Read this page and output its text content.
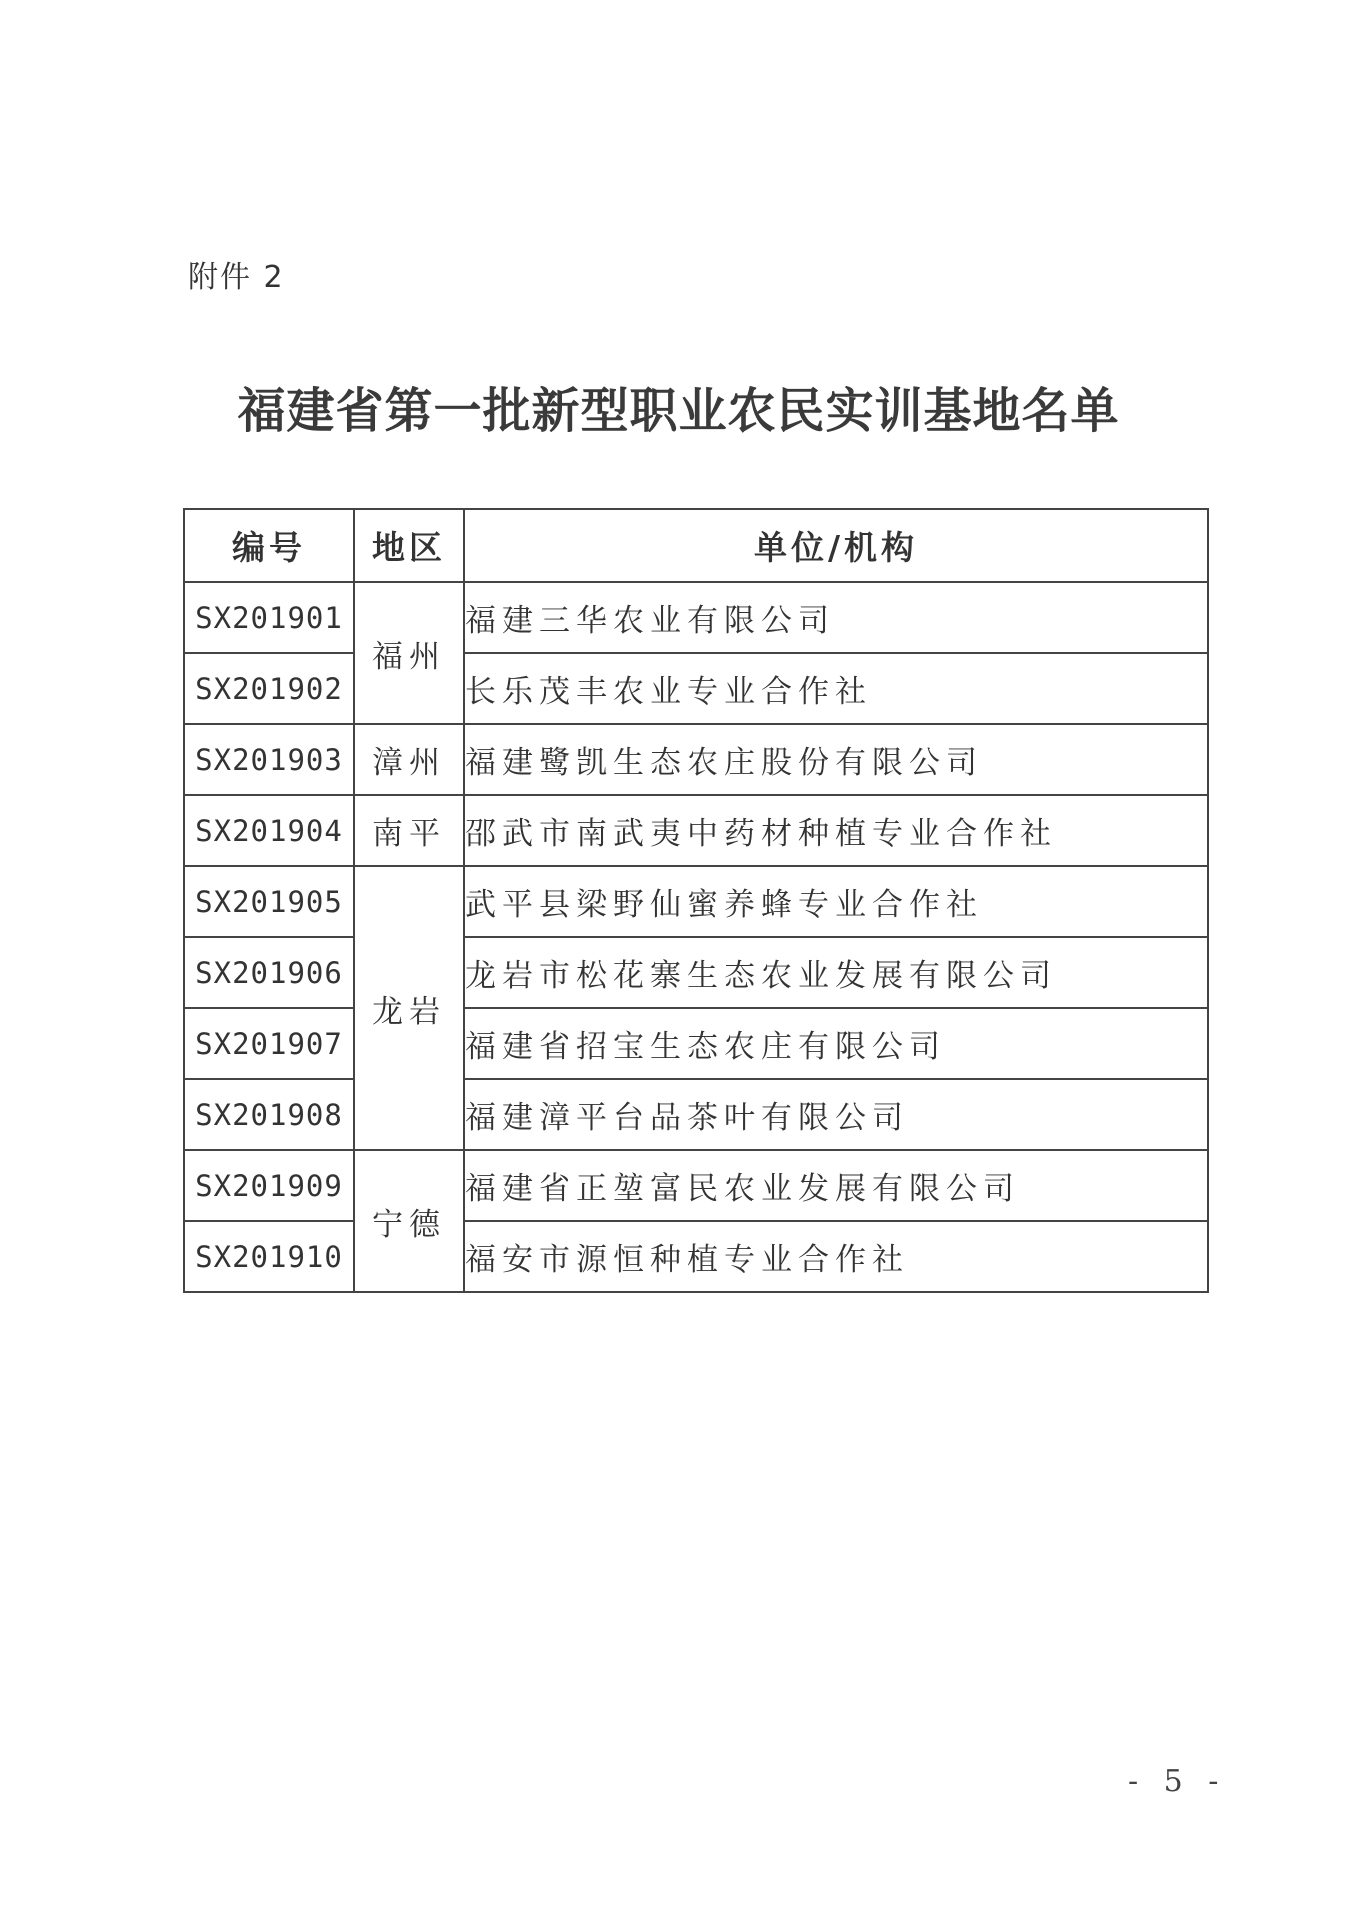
附件 2
福建省第一批新型职业农民实训基地名单
编号	地区	单位/机构
SX201901	福州	福建三华农业有限公司
SX201902		长乐茂丰农业专业合作社
SX201903	漳州	福建鹭凯生态农庄股份有限公司
SX201904	南平	邵武市南武夷中药材种植专业合作社
SX201905	龙岩	武平县梁野仙蜜养蜂专业合作社
SX201906		龙岩市松花寨生态农业发展有限公司
SX201907		福建省招宝生态农庄有限公司
SX201908		福建漳平台品茶叶有限公司
SX201909	宁德	福建省正堃富民农业发展有限公司
SX201910		福安市源恒种植专业合作社
- 5 -
